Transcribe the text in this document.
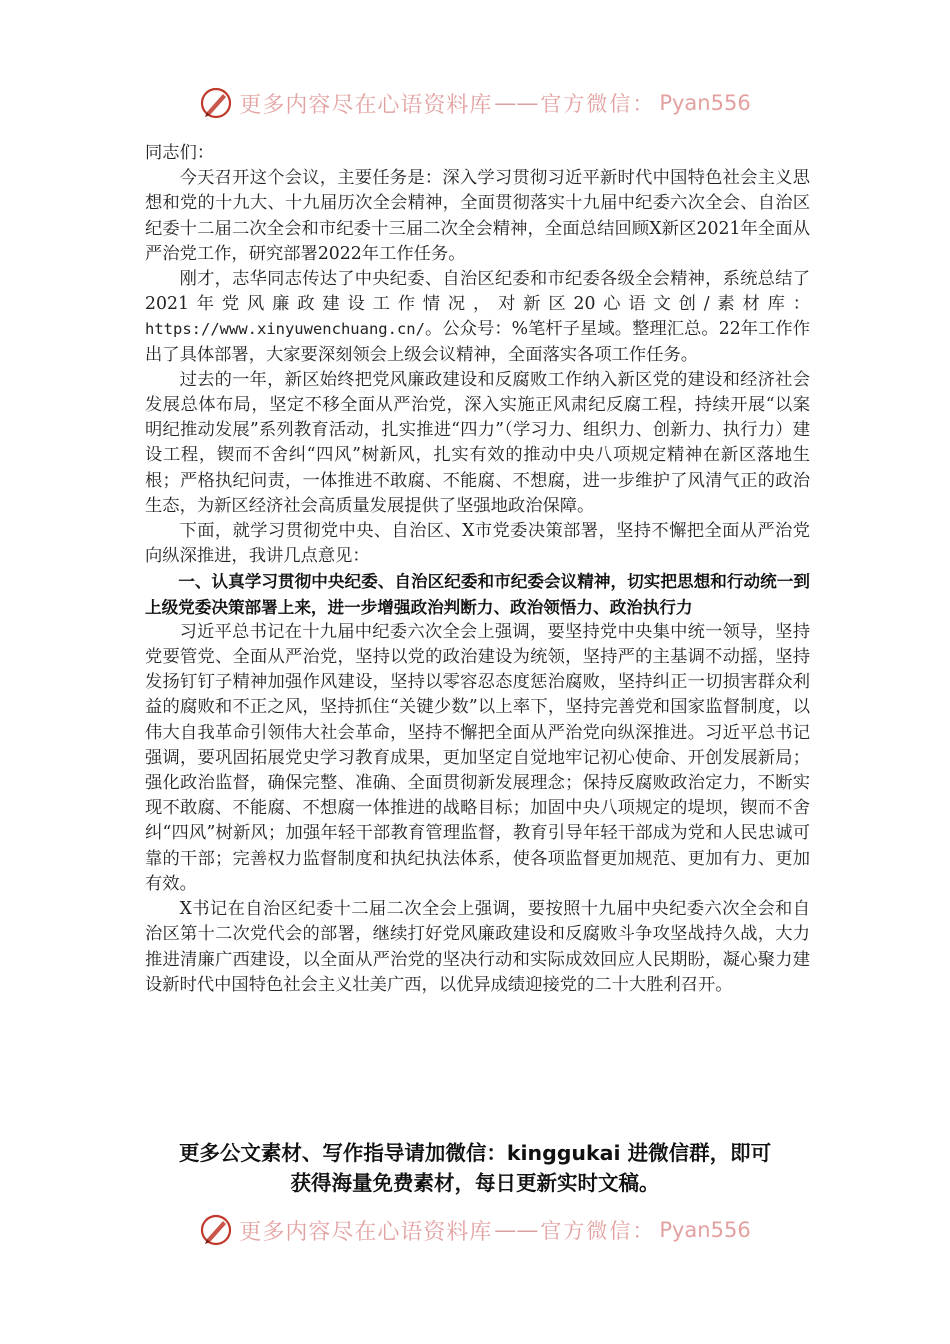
更多内容尽在心语资料库 —— 官方微信： Pyan556

同志们：

今天召开这个会议，主要任务是：深入学习贯彻习近平新时代中国特色社会主义思想和党的十九大、十九届历次全会精神，全面贯彻落实十九届中纪委六次全会、自治区纪委十二届二次全会和市纪委十三届二次全会精神，全面总结回顾X新区2021年全面从严治党工作，研究部署2022年工作任务。

刚才，志华同志传达了中央纪委、自治区纪委和市纪委各级全会精神，系统总结了2021年党风廉政建设工作情况，对新区20心语文创/素材库：https://www.xinyuwenchuang.cn/。公众号：%笔杆子星域。整理汇总。22年工作作出了具体部署，大家要深刻领会上级会议精神，全面落实各项工作任务。

过去的一年，新区始终把党风廉政建设和反腐败工作纳入新区党的建设和经济社会发展总体布局，坚定不移全面从严治党，深入实施正风肃纪反腐工程，持续开展“以案明纪推动发展”系列教育活动，扎实推进“四力”（学习力、组织力、创新力、执行力）建设工程，锲而不舍纠“四风”树新风，扎实有效的推动中央八项规定精神在新区落地生根；严格执纪问责，一体推进不敢腐、不能腐、不想腐，进一步维护了风清气正的政治生态，为新区经济社会高质量发展提供了坚强地政治保障。

下面，就学习贯彻党中央、自治区、X市党委决策部署，坚持不懈把全面从严治党向纵深推进，我讲几点意见：

一、认真学习贯彻中央纪委、自治区纪委和市纪委会议精神，切实把思想和行动统一到上级党委决策部署上来，进一步增强政治判断力、政治领悟力、政治执行力

习近平总书记在十九届中纪委六次全会上强调，要坚持党中央集中统一领导，坚持党要管党、全面从严治党，坚持以党的政治建设为统领，坚持严的主基调不动摇，坚持发扬钉钉子精神加强作风建设，坚持以零容忍态度惩治腐败，坚持纠正一切损害群众利益的腐败和不正之风，坚持抓住“关键少数”以上率下，坚持完善党和国家监督制度，以伟大自我革命引领伟大社会革命，坚持不懈把全面从严治党向纵深推进。习近平总书记强调，要巩固拓展党史学习教育成果，更加坚定自觉地牢记初心使命、开创发展新局；强化政治监督，确保完整、准确、全面贯彻新发展理念；保持反腐败政治定力，不断实现不敢腐、不能腐、不想腐一体推进的战略目标；加固中央八项规定的堤坝，锲而不舍纠“四风”树新风；加强年轻干部教育管理监督，教育引导年轻干部成为党和人民忠诚可靠的干部；完善权力监督制度和执纪执法体系，使各项监督更加规范、更加有力、更加有效。

X书记在自治区纪委十二届二次全会上强调，要按照十九届中央纪委六次全会和自治区第十二次党代会的部署，继续打好党风廉政建设和反腐败斗争攻坚战持久战，大力推进清廉广西建设，以全面从严治党的坚决行动和实际成效回应人民期盼，凝心聚力建设新时代中国特色社会主义壮美广西，以优异成绩迎接党的二十大胜利召开。

更多公文素材、写作指导请加微信：kinggukai 进微信群，即可
获得海量免费素材，每日更新实时文稿。
更多内容尽在心语资料库 —— 官方微信： Pyan556
